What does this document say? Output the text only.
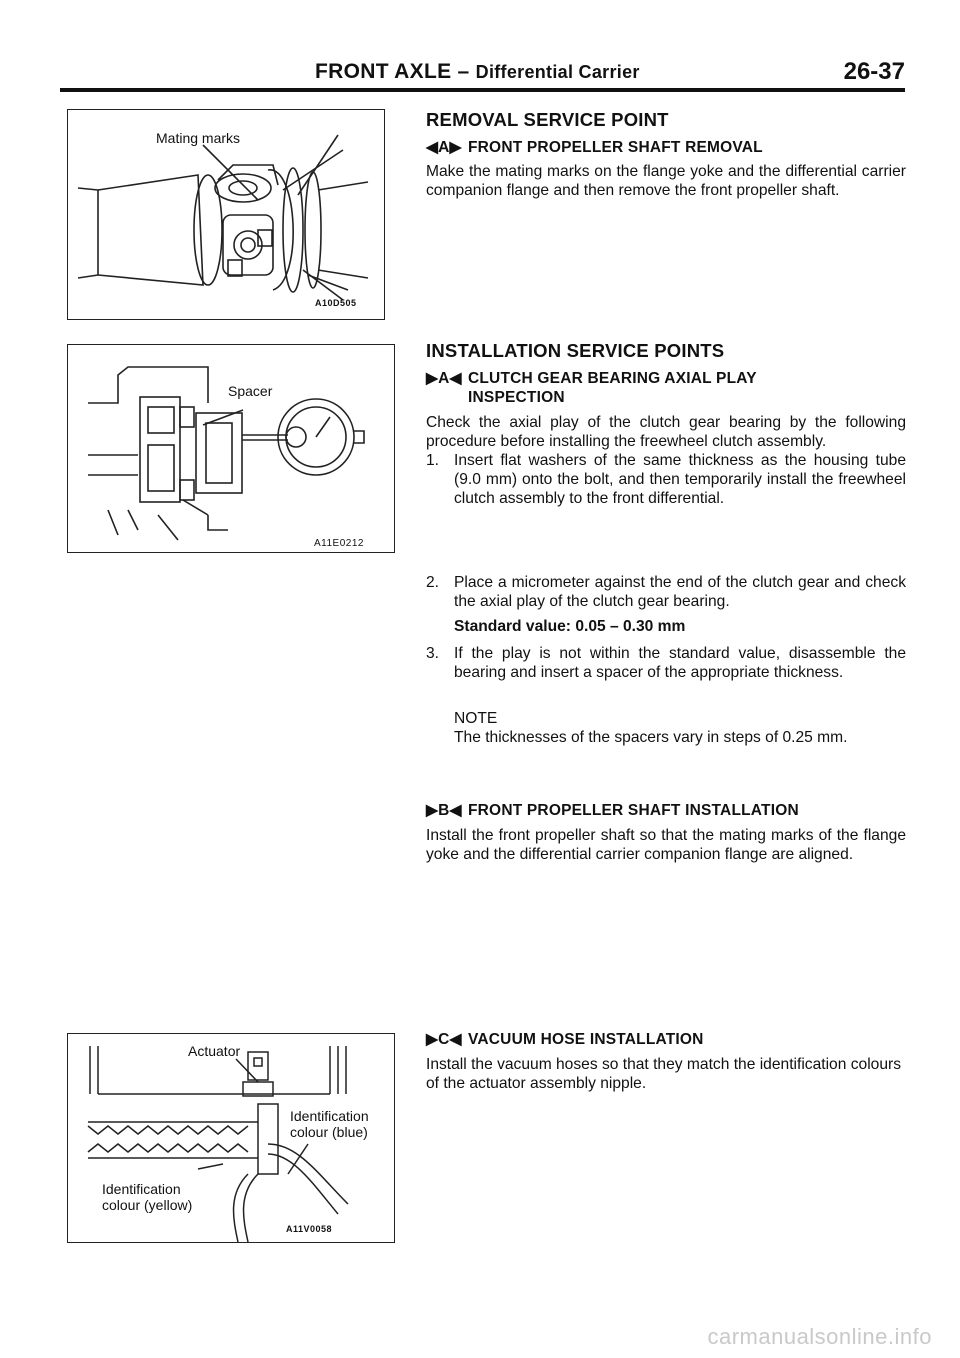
FRONT AXLE – Differential Carrier	26-37
Mating marks
A10D505
Spacer
A11E0212
Actuator
Identification
colour (blue)
Identification
colour (yellow)
A11V0058
REMOVAL SERVICE POINT
◀A▶ FRONT PROPELLER SHAFT REMOVAL
Make the mating marks on the flange yoke and the differential carrier companion flange and then remove the front propeller shaft.
INSTALLATION SERVICE POINTS
▶A◀ CLUTCH GEAR BEARING AXIAL PLAY
INSPECTION
Check the axial play of the clutch gear bearing by the following procedure before installing the freewheel clutch assembly.
1. Insert flat washers of the same thickness as the housing tube (9.0 mm) onto the bolt, and then temporarily install the freewheel clutch assembly to the front differential.
2. Place a micrometer against the end of the clutch gear and check the axial play of the clutch gear bearing.
Standard value: 0.05 – 0.30 mm
3. If the play is not within the standard value, disassemble the bearing and insert a spacer of the appropriate thickness.
NOTE
The thicknesses of the spacers vary in steps of 0.25 mm.
▶B◀ FRONT PROPELLER SHAFT INSTALLATION
Install the front propeller shaft so that the mating marks of the flange yoke and the differential carrier companion flange are aligned.
▶C◀ VACUUM HOSE INSTALLATION
Install the vacuum hoses so that they match the identification colours of the actuator assembly nipple.
carmanualsonline.info
